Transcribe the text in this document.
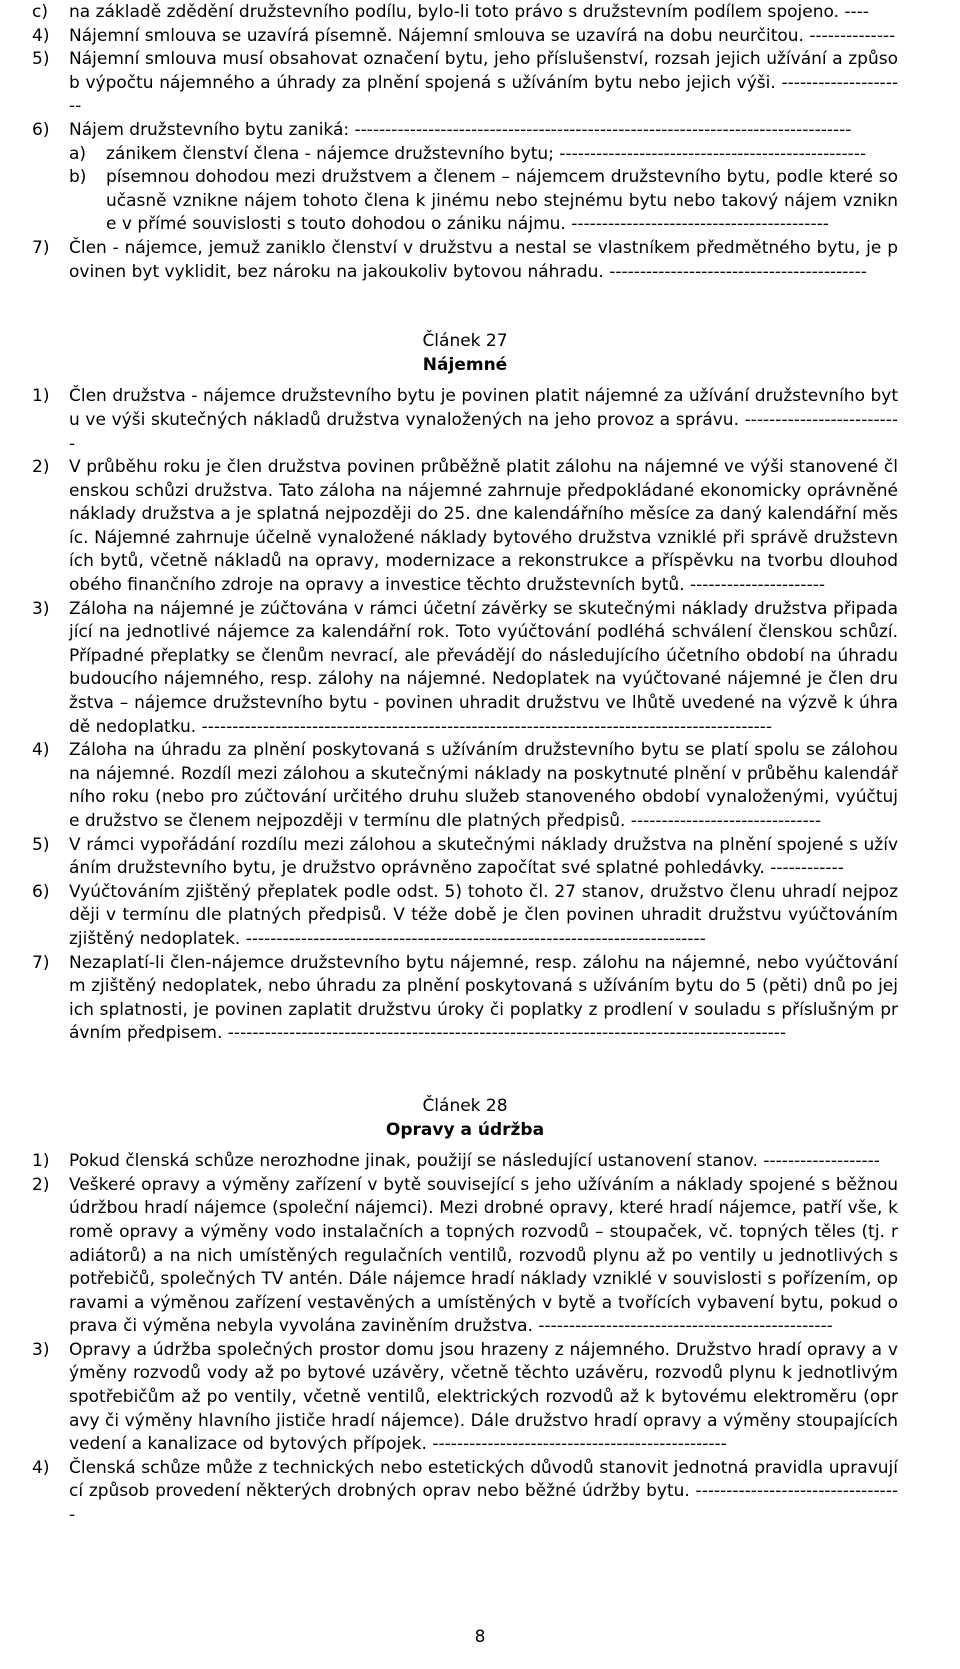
c)	na základě zdědění družstevního podílu, bylo-li toto právo s družstevním podílem spojeno. ----
4)	Nájemní smlouva se uzavírá písemně. Nájemní smlouva se uzavírá na dobu neurčitou. --------------
5)	Nájemní smlouva musí obsahovat označení bytu, jeho příslušenství, rozsah jejich užívání a způsob výpočtu nájemného a úhrady za plnění spojená s užíváním bytu nebo jejich výši. ---------------------
6)	Nájem družstevního bytu zaniká: ---------------------------------------------------------------------------------
a)	zánikem členství člena - nájemce družstevního bytu; --------------------------------------------------
b)	písemnou dohodou mezi družstvem a členem – nájemcem družstevního bytu, podle které současně vznikne nájem tohoto člena k jinému nebo stejnému bytu nebo takový nájem vznikne v přímé souvislosti s touto dohodou o zániku nájmu. ------------------------------------------
7)	Člen - nájemce, jemuž zaniklo členství v družstvu a nestal se vlastníkem předmětného bytu, je povinen byt vyklidit, bez nároku na jakoukoliv bytovou náhradu. ------------------------------------------
Článek 27
Nájemné
1)	Člen družstva - nájemce družstevního bytu je povinen platit nájemné za užívání družstevního bytu ve výši skutečných nákladů družstva vynaložených na jeho provoz a správu. --------------------------
2)	V průběhu roku je člen družstva povinen průběžně platit zálohu na nájemné ve výši stanovené členskou schůzi družstva. Tato záloha na nájemné zahrnuje předpokládané ekonomicky oprávněné náklady družstva a je splatná nejpozději do 25. dne kalendářního měsíce za daný kalendářní měsíc. Nájemné zahrnuje účelně vynaložené náklady bytového družstva vzniklé při správě družstevních bytů, včetně nákladů na opravy, modernizace a rekonstrukce a příspěvku na tvorbu dlouhodobého finančního zdroje na opravy a investice těchto družstevních bytů. ----------------------
3)	Záloha na nájemné je zúčtována v rámci účetní závěrky se skutečnými náklady družstva připadající na jednotlivé nájemce za kalendářní rok. Toto vyúčtování podléhá schválení členskou schůzí. Případné přeplatky se členům nevrací, ale převádějí do následujícího účetního období na úhradu budoucího nájemného, resp. zálohy na nájemné. Nedoplatek na vyúčtované nájemné je člen družstva – nájemce družstevního bytu - povinen uhradit družstvu ve lhůtě uvedené na výzvě k úhradě nedoplatku. ---------------------------------------------------------------------------------------------
4)	Záloha na úhradu za plnění poskytovaná s užíváním družstevního bytu se platí spolu se zálohou na nájemné. Rozdíl mezi zálohou a skutečnými náklady na poskytnuté plnění v průběhu kalendářního roku (nebo pro zúčtování určitého druhu služeb stanoveného období vynaloženými, vyúčtuje družstvo se členem nejpozději v termínu dle platných předpisů. -------------------------------
5)	V rámci vypořádání rozdílu mezi zálohou a skutečnými náklady družstva na plnění spojené s užíváním družstevního bytu, je družstvo oprávněno započítat své splatné pohledávky. ------------
6)	Vyúčtováním zjištěný přeplatek podle odst. 5) tohoto čl. 27 stanov, družstvo členu uhradí nejpozději v termínu dle platných předpisů. V téže době je člen povinen uhradit družstvu vyúčtováním zjištěný nedoplatek. ---------------------------------------------------------------------------
7)	Nezaplatí-li člen-nájemce družstevního bytu nájemné, resp. zálohu na nájemné, nebo vyúčtováním zjištěný nedoplatek, nebo úhradu za plnění poskytovaná s užíváním bytu do 5 (pěti) dnů po jejich splatnosti, je povinen zaplatit družstvu úroky či poplatky z prodlení v souladu s příslušným právním předpisem. -------------------------------------------------------------------------------------------
Článek 28
Opravy a údržba
1)	Pokud členská schůze nerozhodne jinak, použijí se následující ustanovení stanov. -------------------
2)	Veškeré opravy a výměny zařízení v bytě související s jeho užíváním a náklady spojené s běžnou údržbou hradí nájemce (společní nájemci). Mezi drobné opravy, které hradí nájemce, patří vše, kromě opravy a výměny vodo instalačních a topných rozvodů – stoupaček, vč. topných těles (tj. radiátorů) a na nich umístěných regulačních ventilů, rozvodů plynu až po ventily u jednotlivých spotřebičů, společných TV antén. Dále nájemce hradí náklady vzniklé v souvislosti s pořízením, opravami a výměnou zařízení vestavěných a umístěných v bytě a tvořících vybavení bytu, pokud oprava či výměna nebyla vyvolána zaviněním družstva. ------------------------------------------------
3)	Opravy a údržba společných prostor domu jsou hrazeny z nájemného. Družstvo hradí opravy a výměny rozvodů vody až po bytové uzávěry, včetně těchto uzávěru, rozvodů plynu k jednotlivým spotřebičům až po ventily, včetně ventilů, elektrických rozvodů až k bytovému elektroměru (opravy či výměny hlavního jističe hradí nájemce). Dále družstvo hradí opravy a výměny stoupajících vedení a kanalizace od bytových přípojek. ------------------------------------------------
4)	Členská schůze může z technických nebo estetických důvodů stanovit jednotná pravidla upravující způsob provedení některých drobných oprav nebo běžné údržby bytu. ----------------------------------
8
